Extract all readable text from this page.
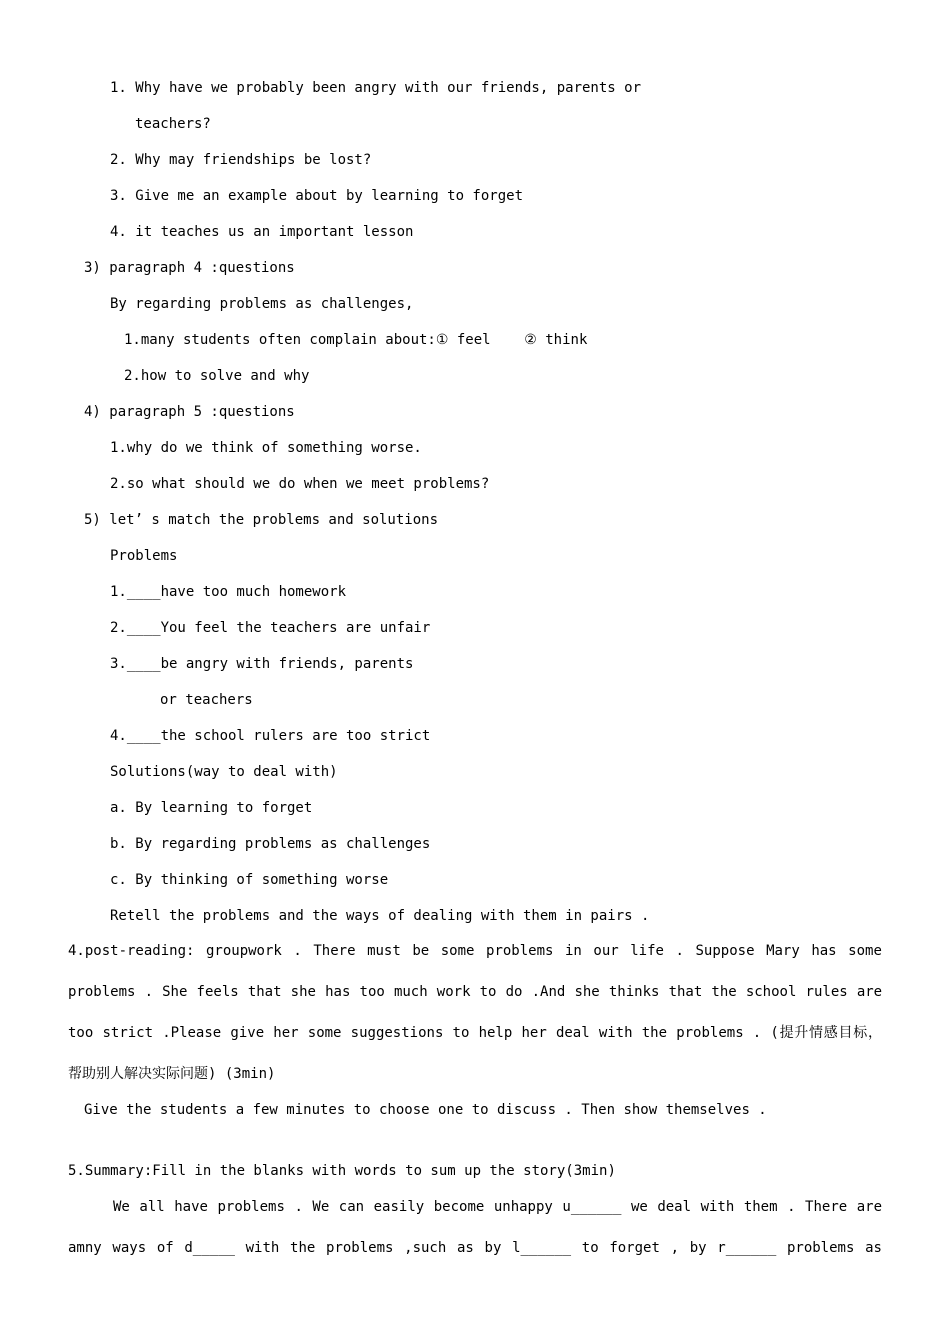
1. Why have we probably been angry with our friends, parents or
teachers?
2. Why may friendships be lost?
3. Give me an example about by learning to forget
4. it teaches us an important lesson
3) paragraph 4 :questions
By regarding problems as challenges,
1.many students often complain about:① feel    ② think
2.how to solve and why
4) paragraph 5 :questions
1.why do we think of something worse.
2.so what should we do when we meet problems?
5) let’ s match the problems and solutions
Problems
1.____have too much homework
2.____You feel the teachers are unfair
3.____be angry with friends, parents
or teachers
4.____the school rulers are too strict
Solutions(way to deal with)
a. By learning to forget
b. By regarding problems as challenges
c. By thinking of something worse
Retell the problems and the ways of dealing with them in pairs .
4.post-reading: groupwork . There must be some problems in our life . Suppose Mary has some
problems . She feels that she has too much work to do .And she thinks that the school rules are
too strict .Please give her some suggestions to help her deal with the problems . (提升情感目标，
帮助别人解决实际问题) (3min)
Give the students a few minutes to choose one to discuss . Then show themselves .
5.Summary:Fill in the blanks with words to sum up the story(3min)
We all have problems . We can easily become unhappy u______ we deal with them . There are
amny ways of d_____ with the problems ,such as by l______ to forget , by r______ problems as
